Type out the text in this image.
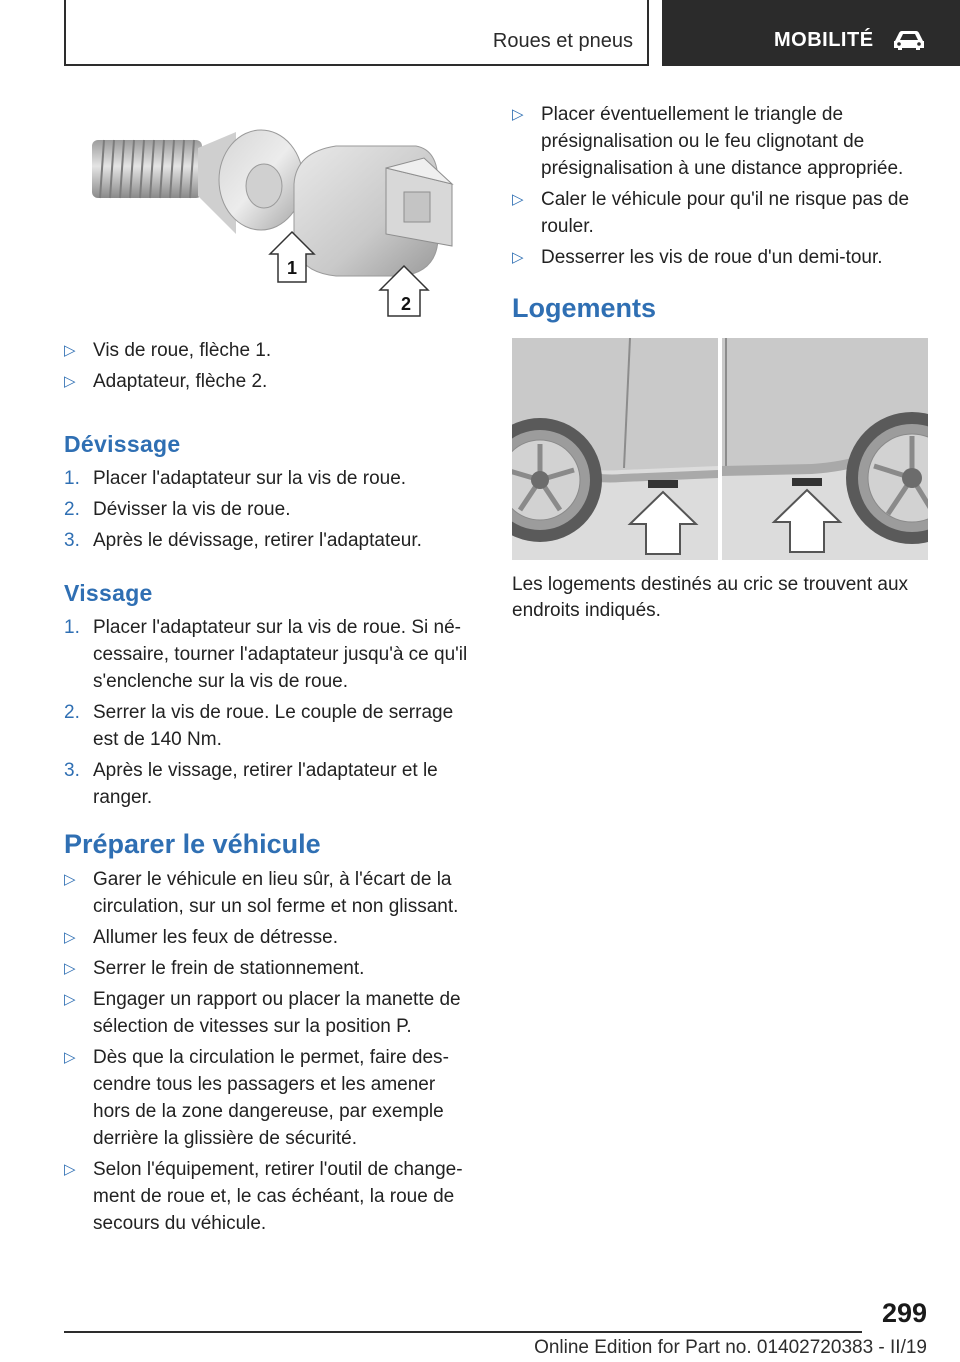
Roues et pneus	MOBILITÉ
1
2
▷ Vis de roue, flèche 1.
▷ Adaptateur, flèche 2.
Dévissage
1. Placer l'adaptateur sur la vis de roue.
2. Dévisser la vis de roue.
3. Après le dévissage, retirer l'adaptateur.
Vissage
1. Placer l'adaptateur sur la vis de roue. Si nécessaire, tourner l'adaptateur jusqu'à ce qu'il s'enclenche sur la vis de roue.
2. Serrer la vis de roue. Le couple de serrage est de 140 Nm.
3. Après le vissage, retirer l'adaptateur et le ranger.
Préparer le véhicule
▷ Garer le véhicule en lieu sûr, à l'écart de la circulation, sur un sol ferme et non glissant.
▷ Allumer les feux de détresse.
▷ Serrer le frein de stationnement.
▷ Engager un rapport ou placer la manette de sélection de vitesses sur la position P.
▷ Dès que la circulation le permet, faire descendre tous les passagers et les amener hors de la zone dangereuse, par exemple derrière la glissière de sécurité.
▷ Selon l'équipement, retirer l'outil de changement de roue et, le cas échéant, la roue de secours du véhicule.
▷ Placer éventuellement le triangle de présignalisation ou le feu clignotant de présignalisation à une distance appropriée.
▷ Caler le véhicule pour qu'il ne risque pas de rouler.
▷ Desserrer les vis de roue d'un demi-tour.
Logements

Les logements destinés au cric se trouvent aux endroits indiqués.

299
Online Edition for Part no. 01402720383 - II/19
